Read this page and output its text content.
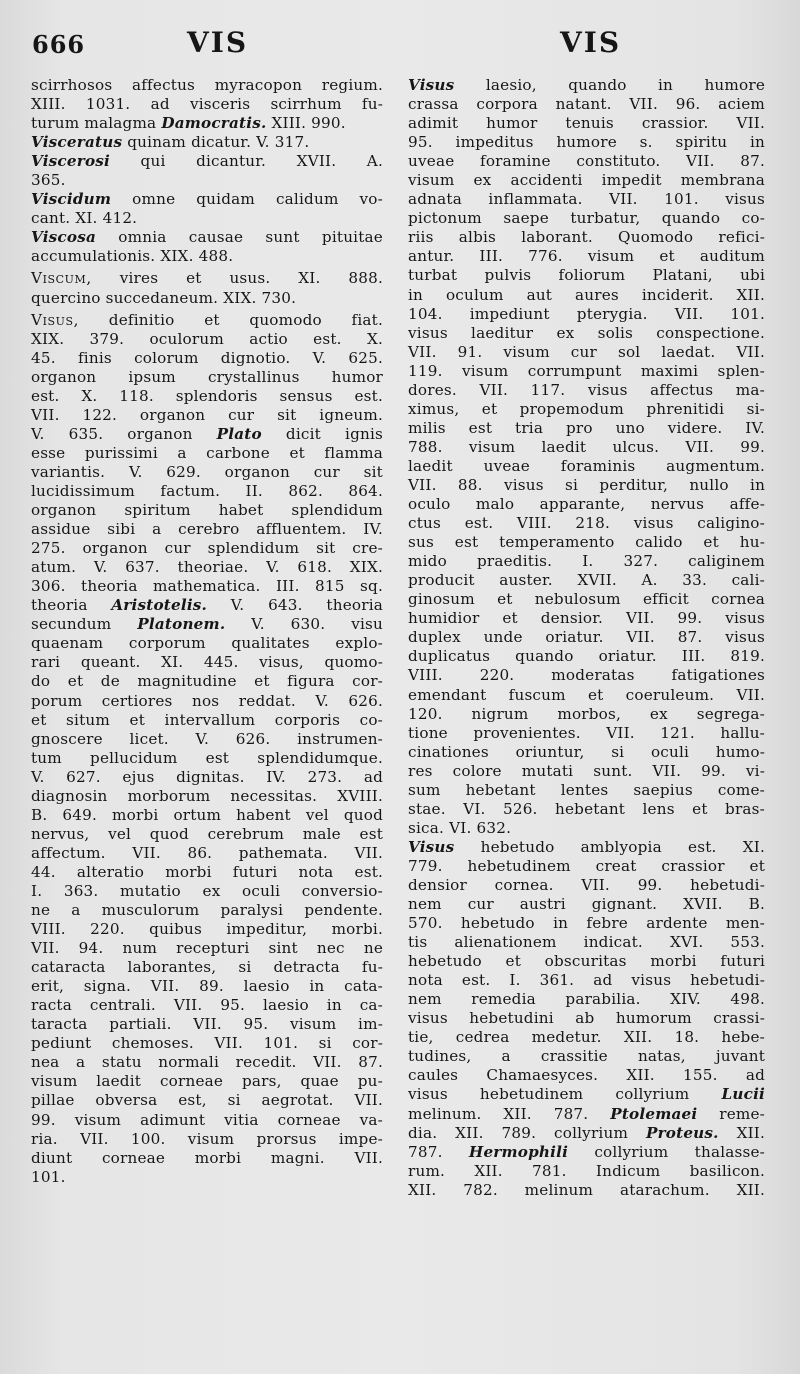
666	VIS	VIS
scirrhosos affectus myracopon regium.
XIII. 1031. ad visceris scirrhum fu-
turum malagma Damocratis. XIII. 990.
Visceratus quinam dicatur. V. 317.
Viscerosi qui dicantur. XVII. A.
365.
Viscidum omne quidam calidum vo-
cant. XI. 412.
Viscosa omnia causae sunt pituitae
accumulationis. XIX. 488.
Viscum, vires et usus. XI. 888.
quercino succedaneum. XIX. 730.
Visus, definitio et quomodo fiat.
XIX. 379. oculorum actio est. X.
45. finis colorum dignotio. V. 625.
organon ipsum crystallinus humor
est. X. 118. splendoris sensus est.
VII. 122. organon cur sit igneum.
V. 635. organon Plato dicit ignis
esse purissimi a carbone et flamma
variantis. V. 629. organon cur sit
lucidissimum factum. II. 862. 864.
organon spiritum habet splendidum
assidue sibi a cerebro affluentem. IV.
275. organon cur splendidum sit cre-
atum. V. 637. theoriae. V. 618. XIX.
306. theoria mathematica. III. 815 sq.
theoria Aristotelis. V. 643. theoria
secundum Platonem. V. 630. visu
quaenam corporum qualitates explo-
rari queant. XI. 445. visus, quomo-
do et de magnitudine et figura cor-
porum certiores nos reddat. V. 626.
et situm et intervallum corporis co-
gnoscere licet. V. 626. instrumen-
tum pellucidum est splendidumque.
V. 627. ejus dignitas. IV. 273. ad
diagnosin morborum necessitas. XVIII.
B. 649. morbi ortum habent vel quod
nervus, vel quod cerebrum male est
affectum. VII. 86. pathemata. VII.
44. alteratio morbi futuri nota est.
I. 363. mutatio ex oculi conversio-
ne a musculorum paralysi pendente.
VIII. 220. quibus impeditur, morbi.
VII. 94. num recepturi sint nec ne
cataracta laborantes, si detracta fu-
erit, signa. VII. 89. laesio in cata-
racta centrali. VII. 95. laesio in ca-
taracta partiali. VII. 95. visum im-
pediunt chemoses. VII. 101. si cor-
nea a statu normali recedit. VII. 87.
visum laedit corneae pars, quae pu-
pillae obversa est, si aegrotat. VII.
99. visum adimunt vitia corneae va-
ria. VII. 100. visum prorsus impe-
diunt corneae morbi magni. VII.
101.
Visus laesio, quando in humore
crassa corpora natant. VII. 96. aciem
adimit humor tenuis crassior. VII.
95. impeditus humore s. spiritu in
uveae foramine constituto. VII. 87.
visum ex accidenti impedit membrana
adnata inflammata. VII. 101. visus
pictonum saepe turbatur, quando co-
riis albis laborant. Quomodo refici-
antur. III. 776. visum et auditum
turbat pulvis foliorum Platani, ubi
in oculum aut aures inciderit. XII.
104. impediunt pterygia. VII. 101.
visus laeditur ex solis conspectione.
VII. 91. visum cur sol laedat. VII.
119. visum corrumpunt maximi splen-
dores. VII. 117. visus affectus ma-
ximus, et propemodum phrenitidi si-
milis est tria pro uno videre. IV.
788. visum laedit ulcus. VII. 99.
laedit uveae foraminis augmentum.
VII. 88. visus si perditur, nullo in
oculo malo apparante, nervus affe-
ctus est. VIII. 218. visus caligino-
sus est temperamento calido et hu-
mido praeditis. I. 327. caliginem
producit auster. XVII. A. 33. cali-
ginosum et nebulosum efficit cornea
humidior et densior. VII. 99. visus
duplex unde oriatur. VII. 87. visus
duplicatus quando oriatur. III. 819.
VIII. 220. moderatas fatigationes
emendant fuscum et coeruleum. VII.
120. nigrum morbos, ex segrega-
tione provenientes. VII. 121. hallu-
cinationes oriuntur, si oculi humo-
res colore mutati sunt. VII. 99. vi-
sum hebetant lentes saepius come-
stae. VI. 526. hebetant lens et bras-
sica. VI. 632.
Visus hebetudo amblyopia est. XI.
779. hebetudinem creat crassior et
densior cornea. VII. 99. hebetudi-
nem cur austri gignant. XVII. B.
570. hebetudo in febre ardente men-
tis alienationem indicat. XVI. 553.
hebetudo et obscuritas morbi futuri
nota est. I. 361. ad visus hebetudi-
nem remedia parabilia. XIV. 498.
visus hebetudini ab humorum crassi-
tie, cedrea medetur. XII. 18. hebe-
tudines, a crassitie natas, juvant
caules Chamaesyces. XII. 155. ad
visus hebetudinem collyrium Lucii
melinum. XII. 787. Ptolemaei reme-
dia. XII. 789. collyrium Proteus. XII.
787. Hermophili collyrium thalasse-
rum. XII. 781. Indicum basilicon.
XII. 782. melinum atarachum. XII.
